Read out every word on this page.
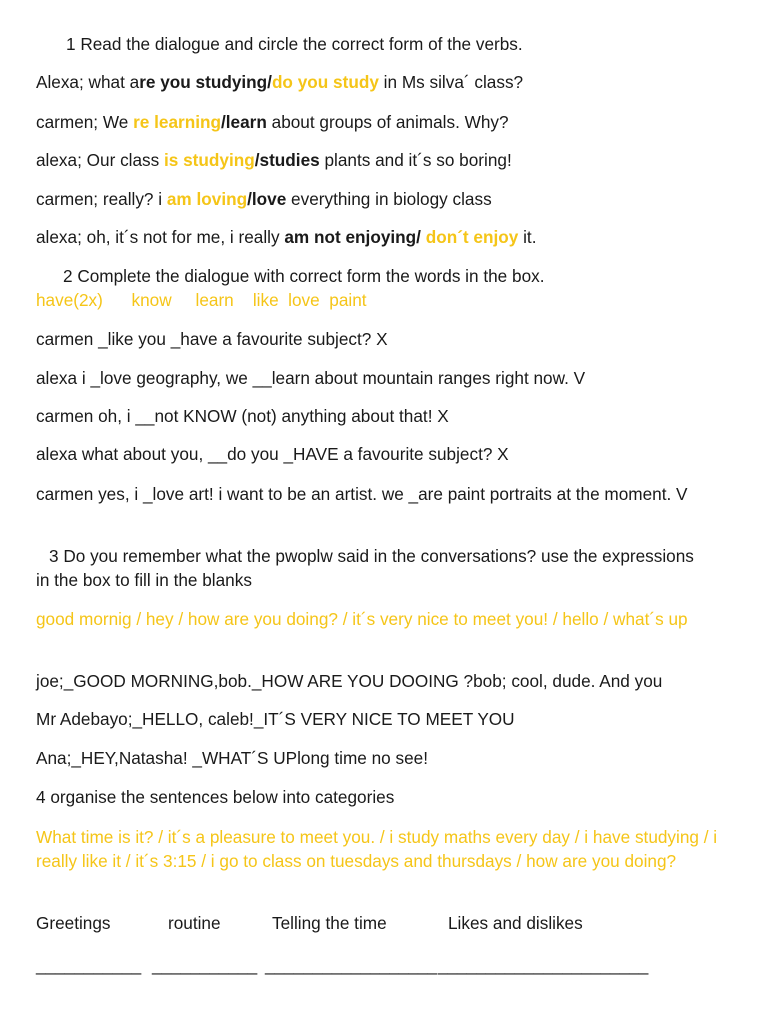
1 Read the dialogue and circle the correct form of the verbs.
Alexa; what are you studying/do you study in Ms silva´ class?
carmen; We re learning/learn about groups of animals. Why?
alexa; Our class is studying/studies plants and it´s so boring!
carmen; really? i am loving/love everything in biology class
alexa; oh, it´s not for me, i really am not enjoying/ don´t enjoy it.
2 Complete the dialogue with correct form the words in the box.
have(2x)      know     learn    like  love  paint
carmen _like you _have a favourite subject? X
alexa i _love geography, we __learn about mountain ranges right now. V
carmen oh, i __not KNOW (not) anything about that! X
alexa what about you, __do you _HAVE a favourite subject? X
carmen yes, i _love art! i want to be an artist. we _are paint portraits at the moment. V
3 Do you remember what the pwoplw said in the conversations? use the expressions in the box to fill in the blanks
good mornig / hey / how are you doing? / it´s very nice to meet you! / hello / what´s up
joe;_GOOD MORNING,bob._HOW ARE YOU DOOING ?bob; cool, dude. And you
Mr Adebayo;_HELLO, caleb!_IT´S VERY NICE TO MEET YOU
Ana;_HEY,Natasha! _WHAT´S UPlong time no see!
4 organise the sentences below into categories
What time is it? / it´s a pleasure to meet you. / i study maths every day / i have studying / i really like it / it´s 3:15 / i go to class on tuesdays and thursdays / how are you doing?
Greetings	routine	Telling the time	Likes and dislikes
___________ ___________ __________________ ______________________
